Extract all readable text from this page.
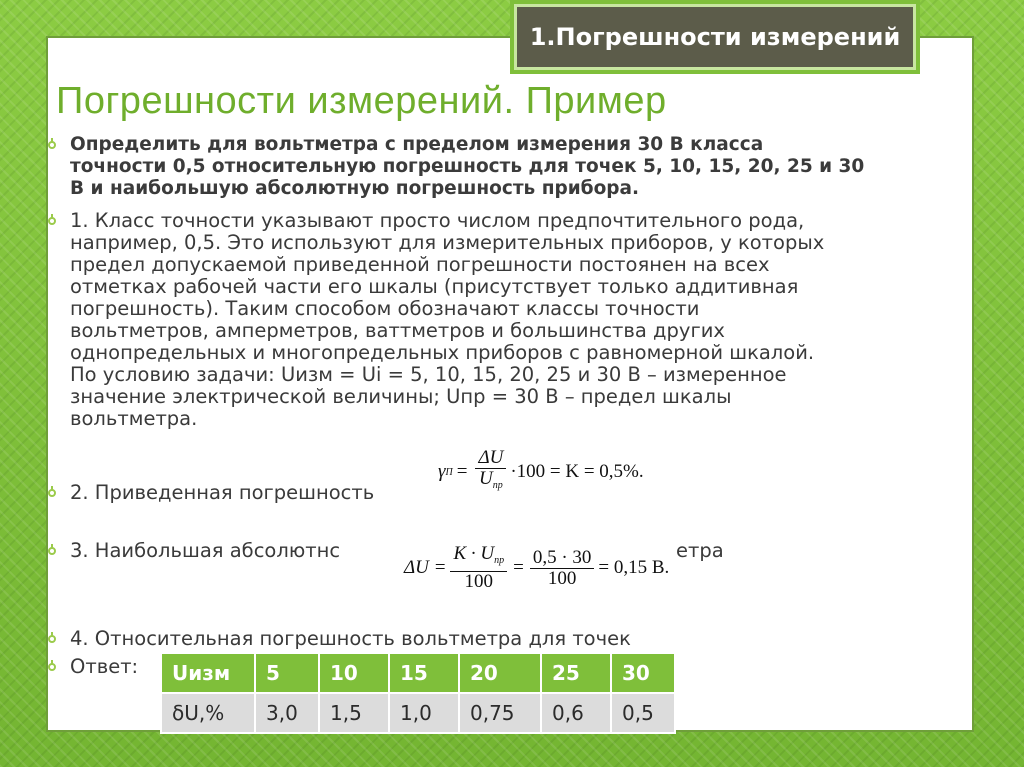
1.Погрешности измерений
Погрешности измерений. Пример
Определить для вольтметра с пределом измерения 30 В класса
точности 0,5 относительную погрешность для точек 5, 10, 15, 20, 25 и 30
В и наибольшую абсолютную погрешность прибора.
1. Класс точности указывают просто числом предпочтительного рода,
например, 0,5. Это используют для измерительных приборов, у которых
предел допускаемой приведенной погрешности постоянен на всех
отметках рабочей части его шкалы (присутствует только аддитивная
погрешность). Таким способом обозначают классы точности
вольтметров, амперметров, ваттметров и большинства других
однопредельных и многопредельных приборов с равномерной шкалой.
По условию задачи: Uизм = Ui = 5, 10, 15, 20, 25 и 30 В – измеренное
значение электрической величины; Uпр = 30 В – предел шкалы
вольтметра.
2. Приведенная погрешность
γ $П = \frac{\Delta U}{U_{пр}} \cdot 100 = K = 0,5\%$.
3. Наибольшая абсолютнс	етра
$\Delta U = \frac{K \cdot U_{пр}}{100} = \frac{0,5 \cdot 30}{100} = 0,15$ В.
4. Относительная погрешность вольтметра для точек
Ответ: Uизм	5	10	15	20	25	30
δU,%	3,0	1,5	1,0	0,75	0,6	0,5
